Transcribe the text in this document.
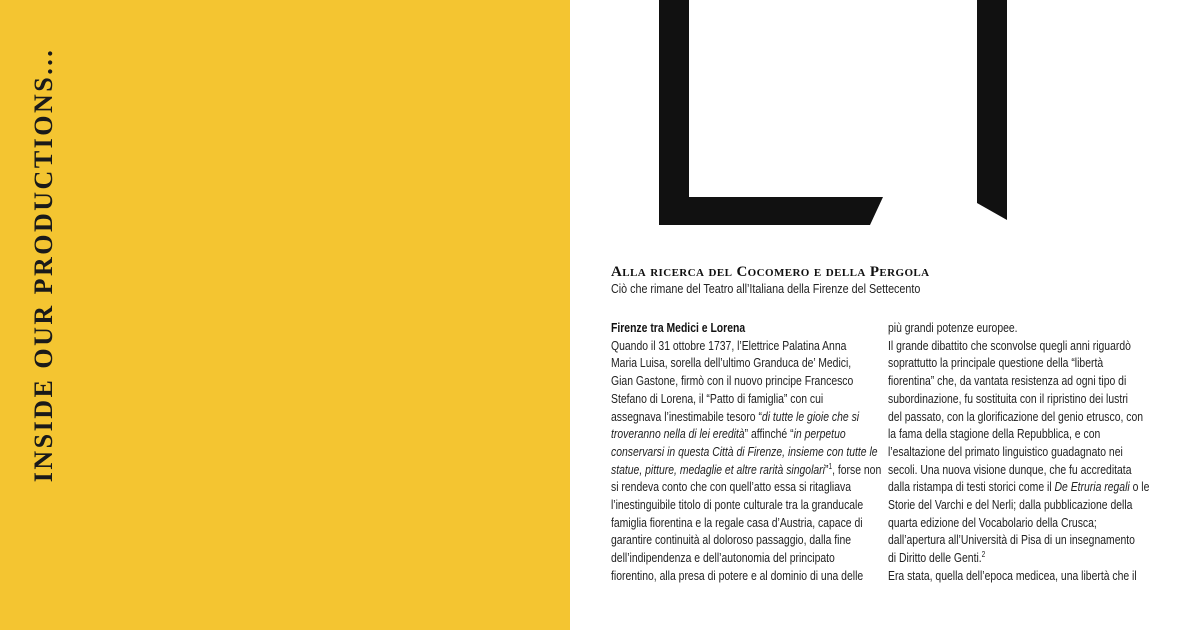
INSIDE OUR PRODUCTIONS...	Alla ricerca del Cocomero e della Pergola
Ciò che rimane del Teatro all’Italiana della Firenze del Settecento
Firenze tra Medici e Lorena
Quando il 31 ottobre 1737, l’Elettrice Palatina Anna
Maria Luisa, sorella dell’ultimo Granduca de’ Medici,
Gian Gastone, firmò con il nuovo principe Francesco
Stefano di Lorena, il “Patto di famiglia” con cui
assegnava l’inestimabile tesoro “di tutte le gioie che si
troveranno nella di lei eredità” affinché “in perpetuo
conservarsi in questa Città di Firenze, insieme con tutte le
statue, pitture, medaglie et altre rarità singolari”$^1$, forse non
si rendeva conto che con quell’atto essa si ritagliava
l’inestinguibile titolo di ponte culturale tra la granducale
famiglia fiorentina e la regale casa d’Austria, capace di
garantire continuità al doloroso passaggio, dalla fine
dell’indipendenza e dell’autonomia del principato
fiorentino, alla presa di potere e al dominio di una delle
più grandi potenze europee.
Il grande dibattito che sconvolse quegli anni riguardò
soprattutto la principale questione della “libertà
fiorentina” che, da vantata resistenza ad ogni tipo di
subordinazione, fu sostituita con il ripristino dei lustri
del passato, con la glorificazione del genio etrusco, con
la fama della stagione della Repubblica, e con
l’esaltazione del primato linguistico guadagnato nei
secoli. Una nuova visione dunque, che fu accreditata
dalla ristampa di testi storici come il De Etruria regali o le
Storie del Varchi e del Nerli; dalla pubblicazione della
quarta edizione del Vocabolario della Crusca;
dall’apertura all’Università di Pisa di un insegnamento
di Diritto delle Genti.$^2$
Era stata, quella dell’epoca medicea, una libertà che il
